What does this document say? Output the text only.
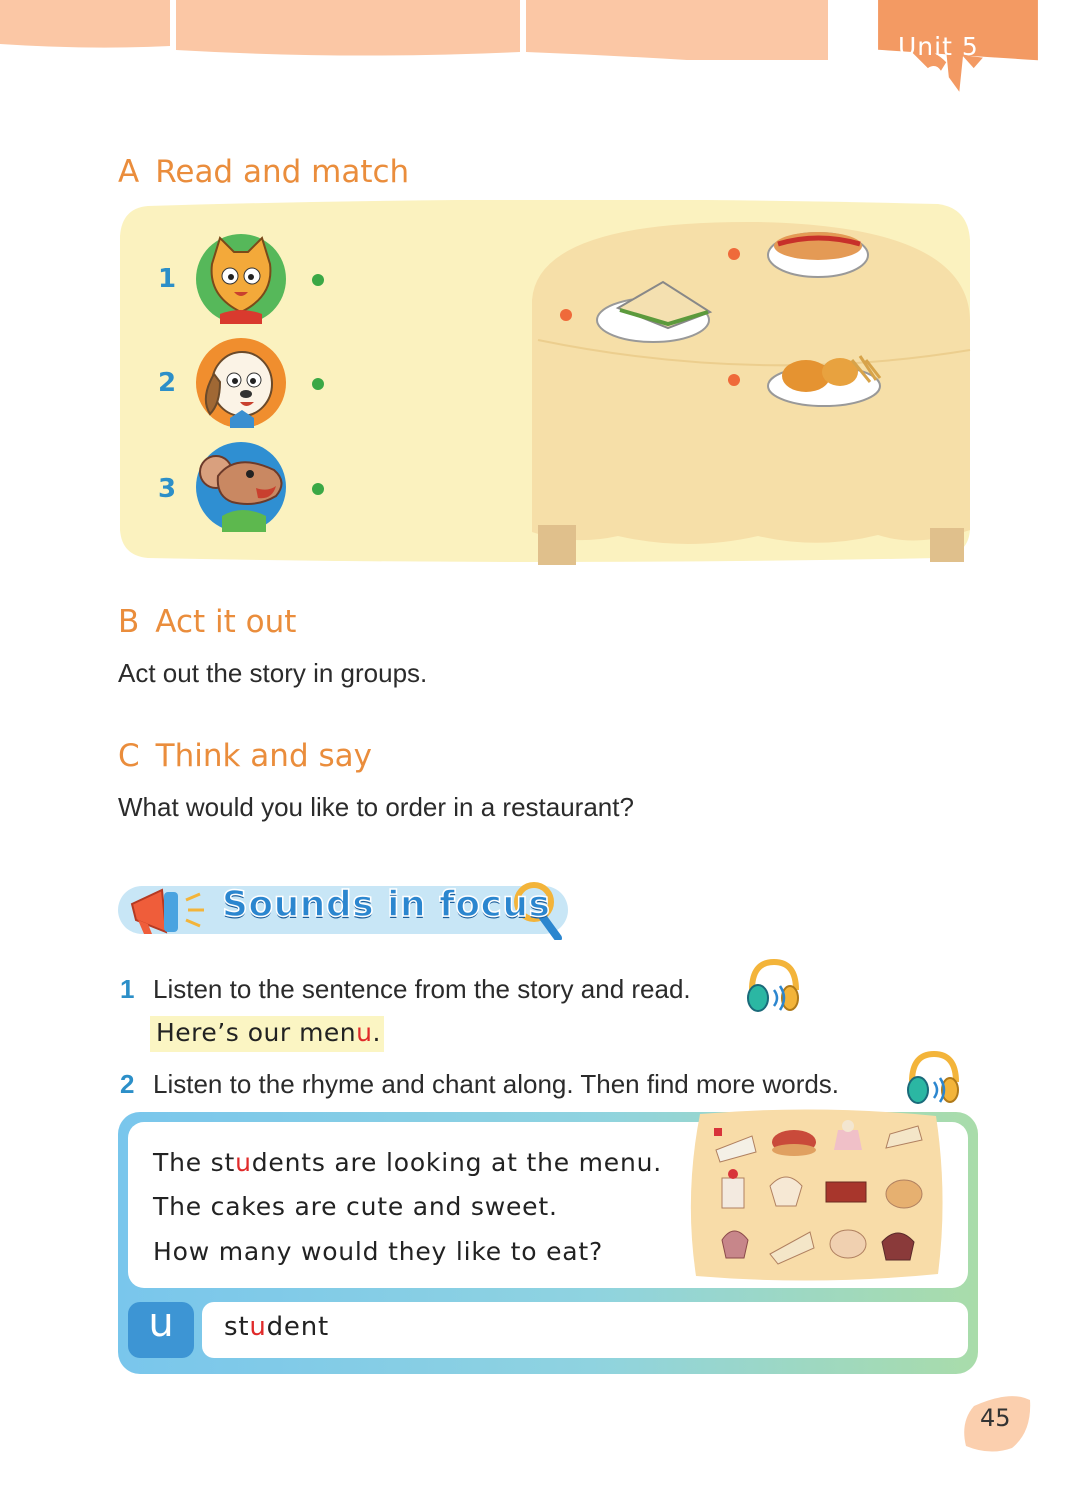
Unit 5
A Read and match
1
2
3
B Act it out
Act out the story in groups.
C Think and say
What would you like to order in a restaurant?
Sounds in focus
1 Listen to the sentence from the story and read.
Here’s our menu.
2 Listen to the rhyme and chant along. Then find more words.
The students are looking at the menu.
The cakes are cute and sweet.
How many would they like to eat?
u	student
45
